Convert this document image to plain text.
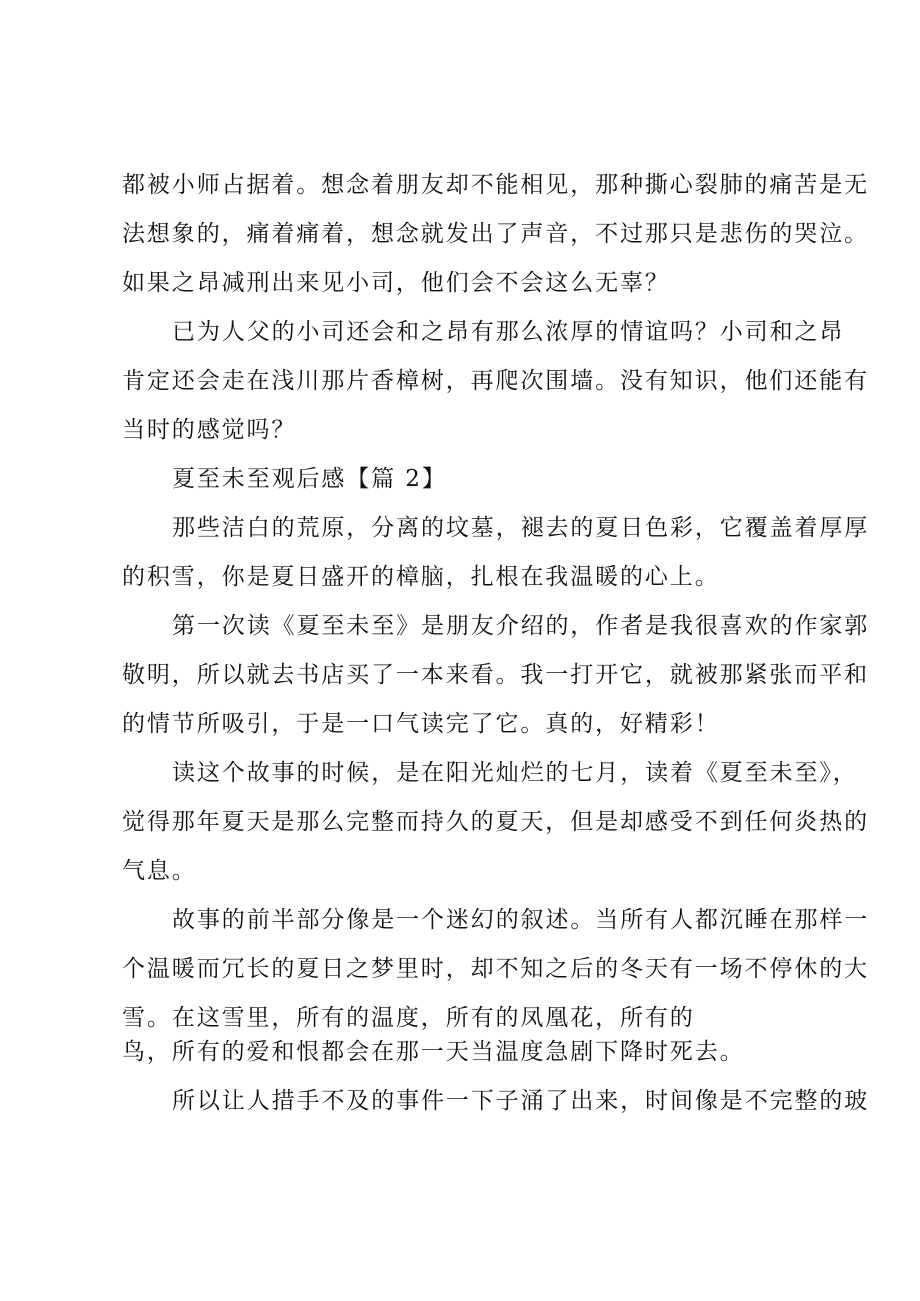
都被小师占据着。想念着朋友却不能相见，那种撕心裂肺的痛苦是无
法想象的，痛着痛着，想念就发出了声音，不过那只是悲伤的哭泣。
如果之昂减刑出来见小司，他们会不会这么无辜？
已为人父的小司还会和之昂有那么浓厚的情谊吗？小司和之昂
肯定还会走在浅川那片香樟树，再爬次围墙。没有知识，他们还能有
当时的感觉吗？
夏至未至观后感【篇 2】
那些洁白的荒原，分离的坟墓，褪去的夏日色彩，它覆盖着厚厚
的积雪，你是夏日盛开的樟脑，扎根在我温暖的心上。
第一次读《夏至未至》是朋友介绍的，作者是我很喜欢的作家郭
敬明，所以就去书店买了一本来看。我一打开它，就被那紧张而平和
的情节所吸引，于是一口气读完了它。真的，好精彩！
读这个故事的时候，是在阳光灿烂的七月，读着《夏至未至》，
觉得那年夏天是那么完整而持久的夏天，但是却感受不到任何炎热的
气息。
故事的前半部分像是一个迷幻的叙述。当所有人都沉睡在那样一
个温暖而冗长的夏日之梦里时，却不知之后的冬天有一场不停休的大
雪。在这雪里，所有的温度，所有的凤凰花，所有的
鸟，所有的爱和恨都会在那一天当温度急剧下降时死去。
所以让人措手不及的事件一下子涌了出来，时间像是不完整的玻
